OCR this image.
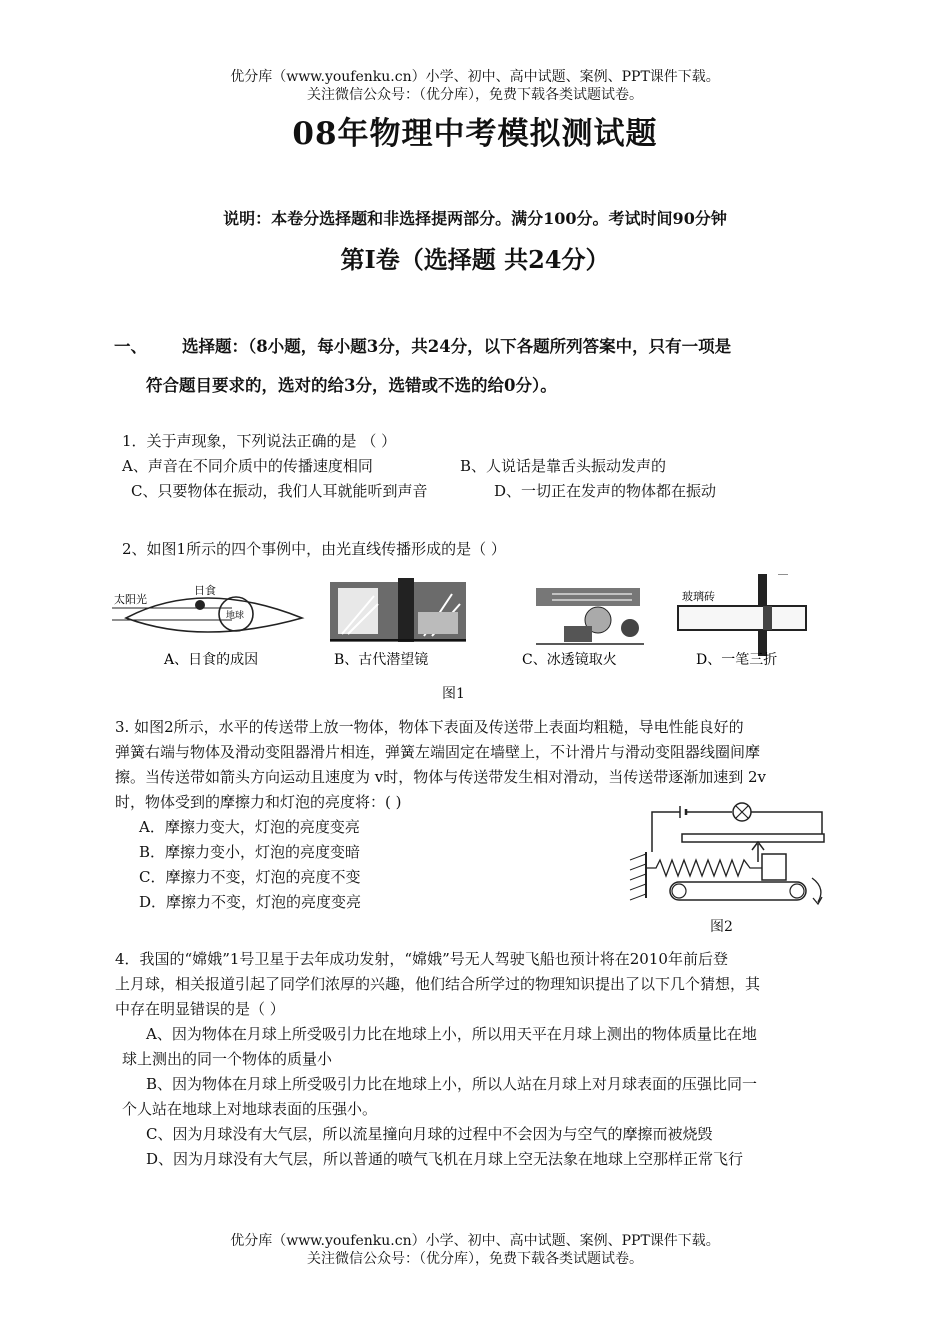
优分库（www.youfenku.cn）小学、初中、高中试题、案例、PPT课件下载。
关注微信公众号：（优分库），免费下载各类试题试卷。
08年物理中考模拟测试题
说明：本卷分选择题和非选择提两部分。满分100分。考试时间90分钟
第I卷（选择题 共24分）
一、 选择题：（8小题，每小题3分，共24分，以下各题所列答案中，只有一项是
符合题目要求的，选对的给3分，选错或不选的给0分）。
1．关于声现象，下列说法正确的是 （ ）
A、声音在不同介质中的传播速度相同	B、人说话是靠舌头振动发声的
C、只要物体在振动，我们人耳就能听到声音	D、一切正在发声的物体都在振动
2、如图1所示的四个事例中，由光直线传播形成的是（ ）
太阳光
日食
地球
玻璃砖
A、日食的成因	B、古代潜望镜	C、冰透镜取火	D、一笔三折
图1
3. 如图2所示，水平的传送带上放一物体，物体下表面及传送带上表面均粗糙，导电性能良好的
弹簧右端与物体及滑动变阻器滑片相连，弹簧左端固定在墙壁上，不计滑片与滑动变阻器线圈间摩
擦。当传送带如箭头方向运动且速度为 v时，物体与传送带发生相对滑动，当传送带逐渐加速到 2v
时，物体受到的摩擦力和灯泡的亮度将：( )
A．摩擦力变大，灯泡的亮度变亮
B．摩擦力变小，灯泡的亮度变暗
C．摩擦力不变，灯泡的亮度不变
D．摩擦力不变，灯泡的亮度变亮
图2
4．我国的“嫦娥”1号卫星于去年成功发射，“嫦娥”号无人驾驶飞船也预计将在2010年前后登
上月球，相关报道引起了同学们浓厚的兴趣，他们结合所学过的物理知识提出了以下几个猜想，其
中存在明显错误的是（ ）
A、因为物体在月球上所受吸引力比在地球上小，所以用天平在月球上测出的物体质量比在地
球上测出的同一个物体的质量小
B、因为物体在月球上所受吸引力比在地球上小，所以人站在月球上对月球表面的压强比同一
个人站在地球上对地球表面的压强小。
C、因为月球没有大气层，所以流星撞向月球的过程中不会因为与空气的摩擦而被烧毁
D、因为月球没有大气层，所以普通的喷气飞机在月球上空无法象在地球上空那样正常飞行
优分库（www.youfenku.cn）小学、初中、高中试题、案例、PPT课件下载。
关注微信公众号：（优分库），免费下载各类试题试卷。
